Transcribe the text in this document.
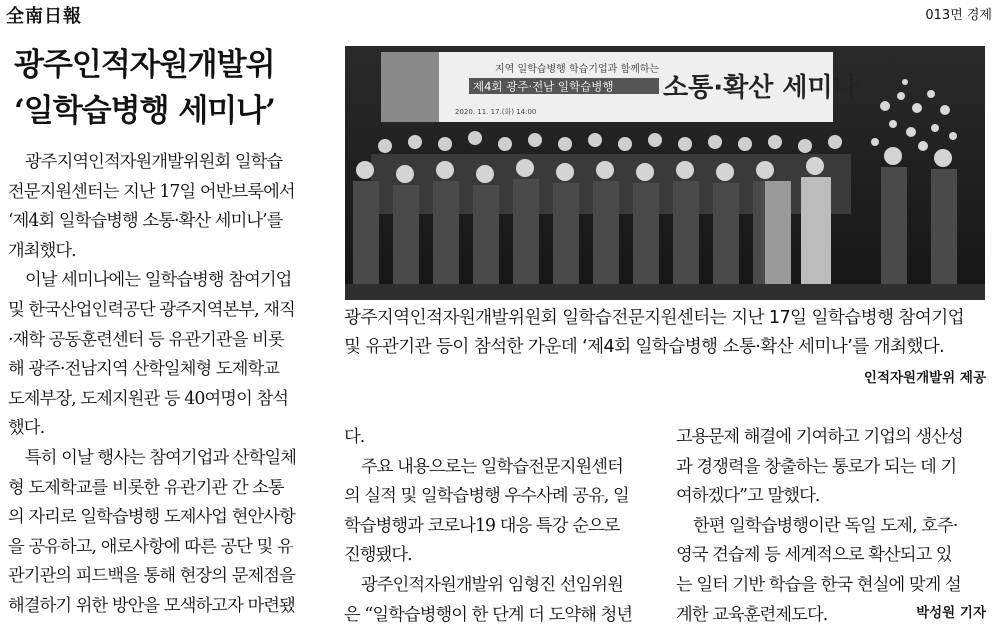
全南日報	013면 경제
광주인적자원개발위
‘일학습병행 세미나’
지역 일학습병행 학습기업과 함께하는
제4회 광주·전남 일학습병행 소통·확산 세미나
2020. 11. 17.(화) 14:00
광주지역인적자원개발위원회 일학습전문지원센터는 지난 17일 일학습병행 참여기업
및 유관기관 등이 참석한 가운데 ‘제4회 일학습병행 소통·확산 세미나’를 개최했다.
인적자원개발위 제공

광주지역인적자원개발위원회 일학습

전문지원센터는 지난 17일 어반브룩에서

‘제4회 일학습병행 소통·확산 세미나’를

개최했다.

이날 세미나에는 일학습병행 참여기업

및 한국산업인력공단 광주지역본부, 재직

·재학 공동훈련센터 등 유관기관을 비롯

해 광주·전남지역 산학일체형 도제학교

도제부장, 도제지원관 등 40여명이 참석

했다.

특히 이날 행사는 참여기업과 산학일체

형 도제학교를 비롯한 유관기관 간 소통

의 자리로 일학습병행 도제사업 현안사항

을 공유하고, 애로사항에 따른 공단 및 유

관기관의 피드백을 통해 현장의 문제점을

해결하기 위한 방안을 모색하고자 마련됐

다.

주요 내용으로는 일학습전문지원센터

의 실적 및 일학습병행 우수사례 공유, 일

학습병행과 코로나19 대응 특강 순으로

진행됐다.

광주인적자원개발위 임형진 선임위원

은 “일학습병행이 한 단계 더 도약해 청년

고용문제 해결에 기여하고 기업의 생산성

과 경쟁력을 창출하는 통로가 되는 데 기

여하겠다”고 말했다.

한편 일학습병행이란 독일 도제, 호주·

영국 견습제 등 세계적으로 확산되고 있

는 일터 기반 학습을 한국 현실에 맞게 설

계한 교육훈련제도다.	박성원 기자
